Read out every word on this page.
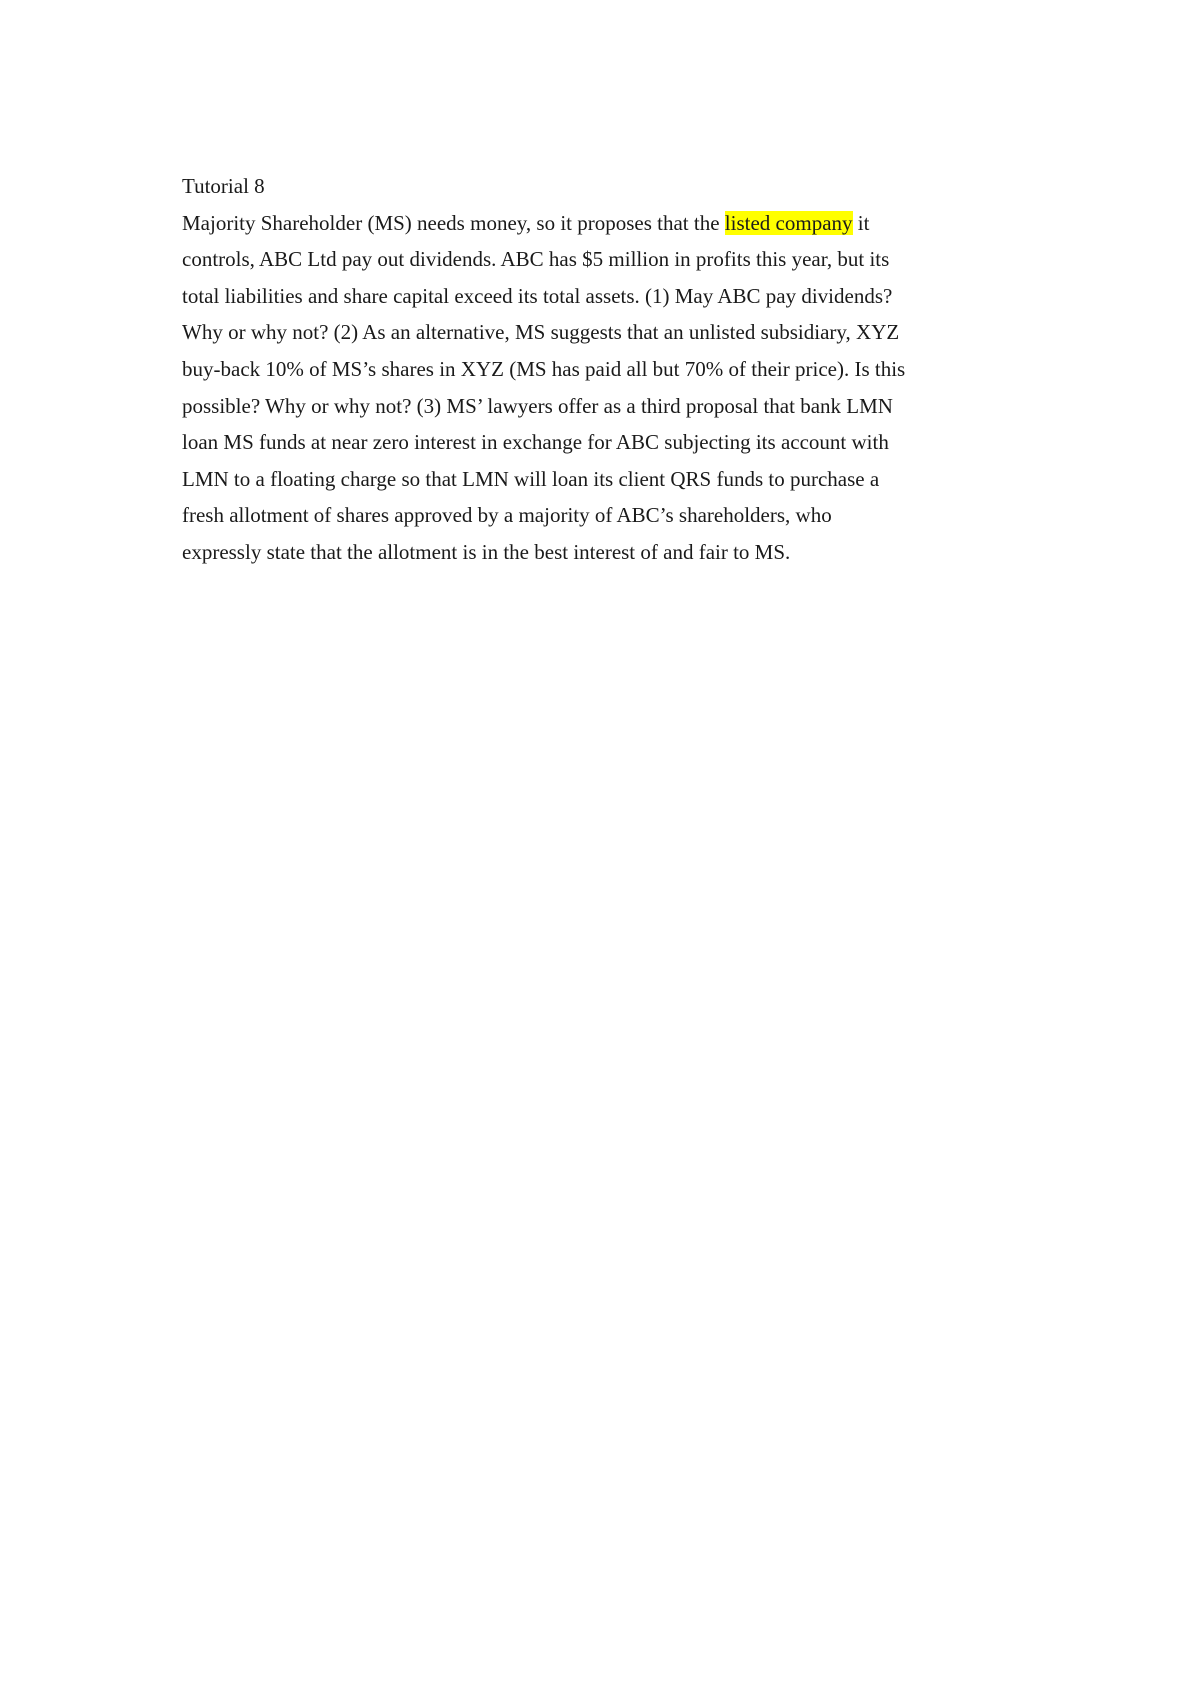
Tutorial 8
Majority Shareholder (MS) needs money, so it proposes that the listed company it
controls, ABC Ltd pay out dividends. ABC has $5 million in profits this year, but its
total liabilities and share capital exceed its total assets. (1) May ABC pay dividends?
Why or why not? (2) As an alternative, MS suggests that an unlisted subsidiary, XYZ
buy-back 10% of MS’s shares in XYZ (MS has paid all but 70% of their price). Is this
possible? Why or why not? (3) MS’ lawyers offer as a third proposal that bank LMN
loan MS funds at near zero interest in exchange for ABC subjecting its account with
LMN to a floating charge so that LMN will loan its client QRS funds to purchase a
fresh allotment of shares approved by a majority of ABC’s shareholders, who
expressly state that the allotment is in the best interest of and fair to MS.
